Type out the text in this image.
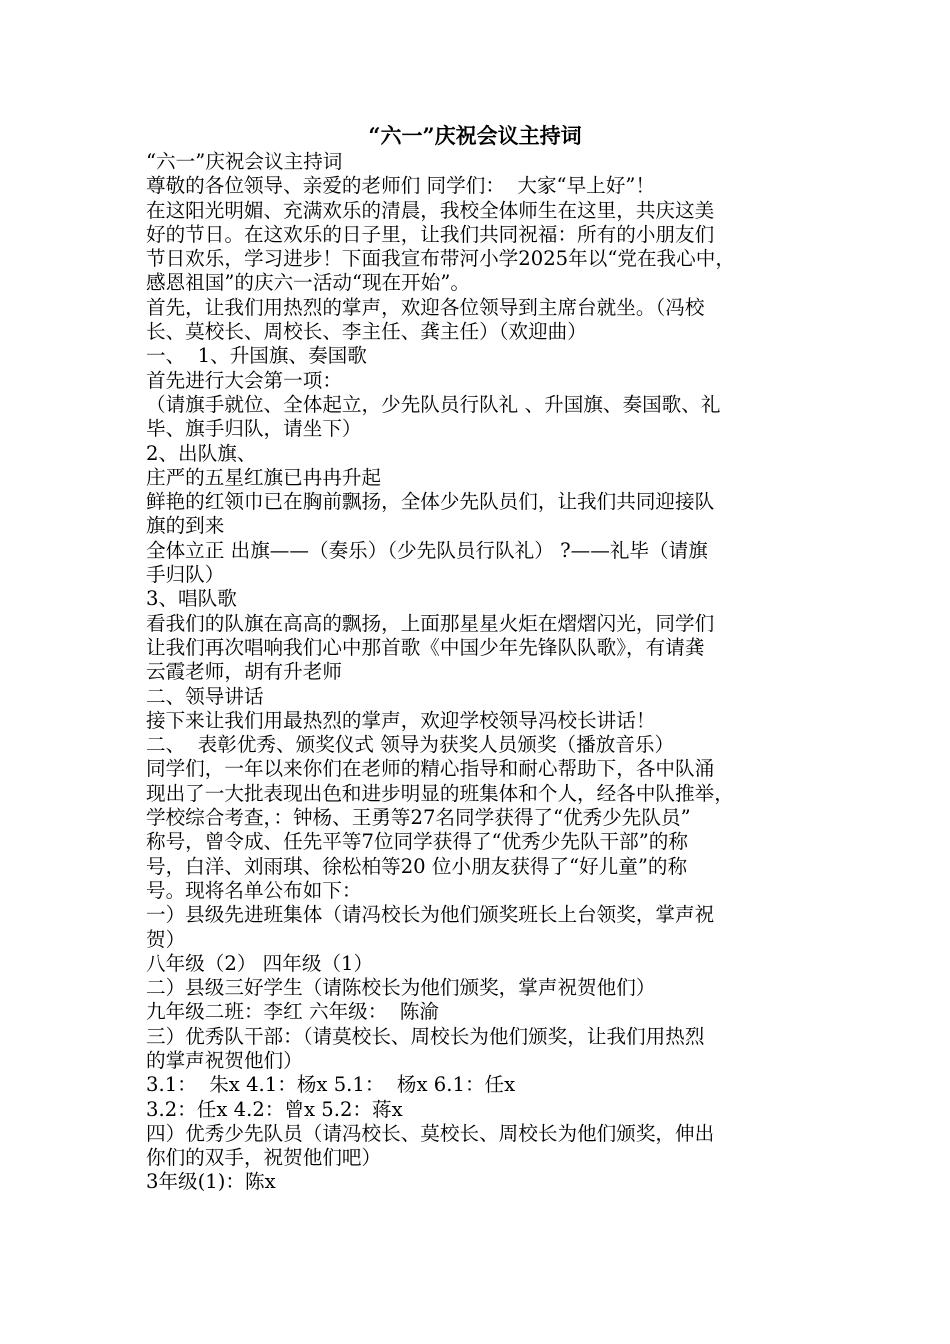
“六一”庆祝会议主持词
“六一”庆祝会议主持词
尊敬的各位领导、亲爱的老师们 同学们：  大家“早上好”！
在这阳光明媚、充满欢乐的清晨，我校全体师生在这里，共庆这美
好的节日。在这欢乐的日子里，让我们共同祝福：所有的小朋友们
节日欢乐，学习进步！下面我宣布带河小学2025年以“党在我心中，
感恩祖国”的庆六一活动“现在开始”。
首先，让我们用热烈的掌声，欢迎各位领导到主席台就坐。（冯校
长、莫校长、周校长、李主任、龚主任）（欢迎曲）
一、  1、升国旗、奏国歌
首先进行大会第一项：
（请旗手就位、全体起立，少先队员行队礼 、升国旗、奏国歌、礼
毕、旗手归队，请坐下）
2、出队旗、
庄严的五星红旗已冉冉升起
鲜艳的红领巾已在胸前飘扬，全体少先队员们，让我们共同迎接队
旗的到来
全体立正 出旗——（奏乐）（少先队员行队礼） ?——礼毕（请旗
手归队）
3、唱队歌
看我们的队旗在高高的飘扬，上面那星星火炬在熠熠闪光，同学们
让我们再次唱响我们心中那首歌《中国少年先锋队队歌》，有请龚
云霞老师，胡有升老师
二、领导讲话
接下来让我们用最热烈的掌声，欢迎学校领导冯校长讲话！
二、  表彰优秀、颁奖仪式 领导为获奖人员颁奖（播放音乐）
同学们，一年以来你们在老师的精心指导和耐心帮助下，各中队涌
现出了一大批表现出色和进步明显的班集体和个人，经各中队推举，
学校综合考查，：钟杨、王勇等27名同学获得了“优秀少先队员”
称号，曾令成、任先平等7位同学获得了“优秀少先队干部”的称
号，白洋、刘雨琪、徐松柏等20 位小朋友获得了“好儿童”的称
号。现将名单公布如下：
一）县级先进班集体（请冯校长为他们颁奖班长上台领奖，掌声祝
贺）
八年级（2） 四年级（1）
二）县级三好学生（请陈校长为他们颁奖，掌声祝贺他们）
九年级二班：李红 六年级：  陈渝
三）优秀队干部：（请莫校长、周校长为他们颁奖，让我们用热烈
的掌声祝贺他们）
3.1：  朱x 4.1：杨x 5.1：  杨x 6.1：任x
3.2：任x 4.2：曾x 5.2：蒋x
四）优秀少先队员（请冯校长、莫校长、周校长为他们颁奖，伸出
你们的双手，祝贺他们吧）
3年级(1)：陈x
